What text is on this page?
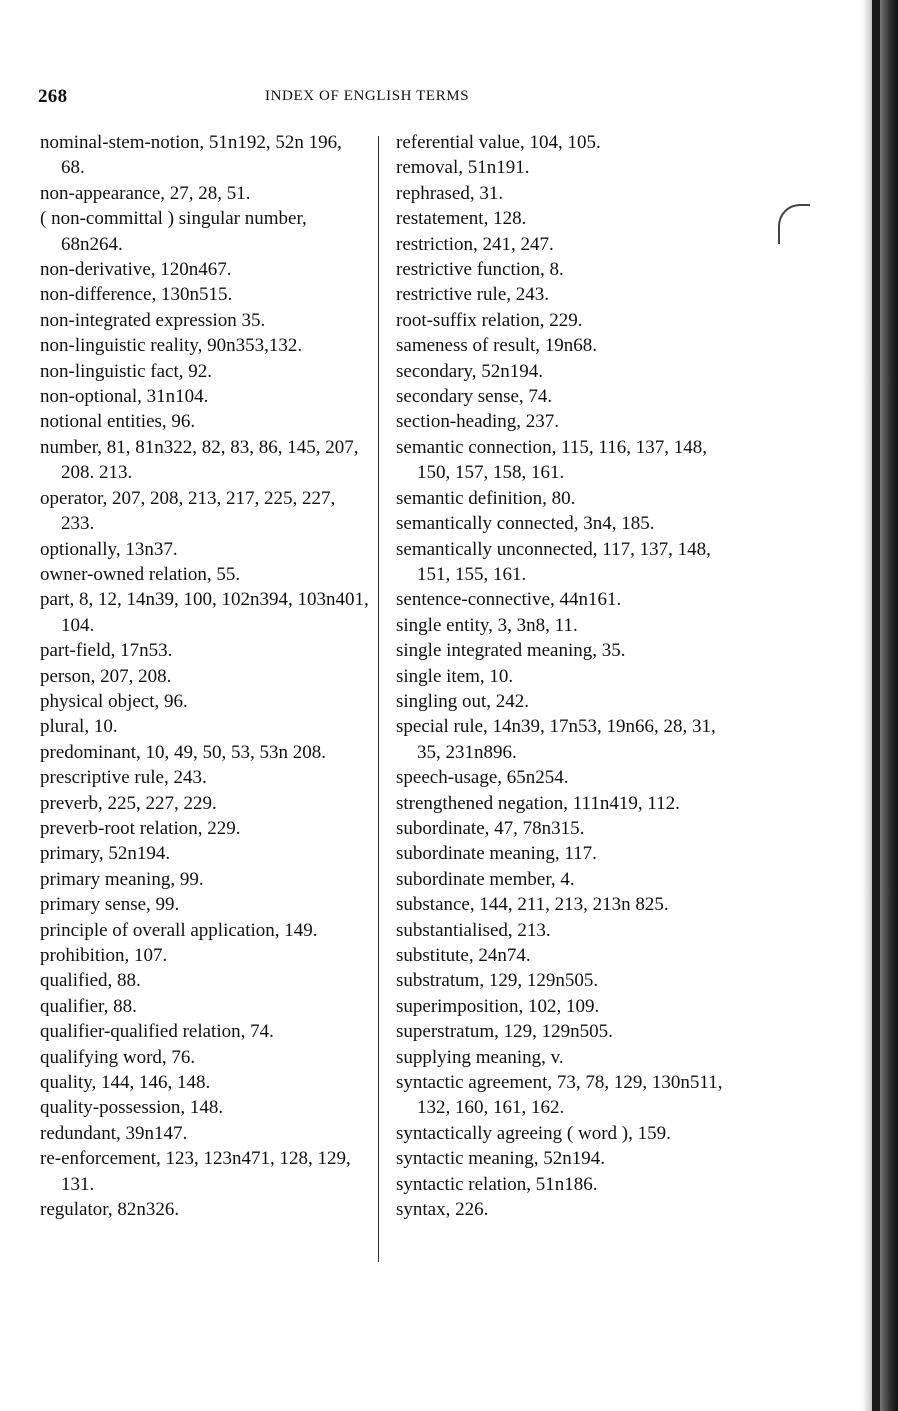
268	INDEX OF ENGLISH TERMS
nominal-stem-notion, 51n192, 52n 196, 68.
non-appearance, 27, 28, 51.
( non-committal ) singular number, 68n264.
non-derivative, 120n467.
non-difference, 130n515.
non-integrated expression 35.
non-linguistic reality, 90n353,132.
non-linguistic fact, 92.
non-optional, 31n104.
notional entities, 96.
number, 81, 81n322, 82, 83, 86, 145, 207, 208. 213.
operator, 207, 208, 213, 217, 225, 227, 233.
optionally, 13n37.
owner-owned relation, 55.
part, 8, 12, 14n39, 100, 102n394, 103n401, 104.
part-field, 17n53.
person, 207, 208.
physical object, 96.
plural, 10.
predominant, 10, 49, 50, 53, 53n 208.
prescriptive rule, 243.
preverb, 225, 227, 229.
preverb-root relation, 229.
primary, 52n194.
primary meaning, 99.
primary sense, 99.
principle of overall application, 149.
prohibition, 107.
qualified, 88.
qualifier, 88.
qualifier-qualified relation, 74.
qualifying word, 76.
quality, 144, 146, 148.
quality-possession, 148.
redundant, 39n147.
re-enforcement, 123, 123n471, 128, 129, 131.
regulator, 82n326.
referential value, 104, 105.
removal, 51n191.
rephrased, 31.
restatement, 128.
restriction, 241, 247.
restrictive function, 8.
restrictive rule, 243.
root-suffix relation, 229.
sameness of result, 19n68.
secondary, 52n194.
secondary sense, 74.
section-heading, 237.
semantic connection, 115, 116, 137, 148, 150, 157, 158, 161.
semantic definition, 80.
semantically connected, 3n4, 185.
semantically unconnected, 117, 137, 148, 151, 155, 161.
sentence-connective, 44n161.
single entity, 3, 3n8, 11.
single integrated meaning, 35.
single item, 10.
singling out, 242.
special rule, 14n39, 17n53, 19n66, 28, 31, 35, 231n896.
speech-usage, 65n254.
strengthened negation, 111n419, 112.
subordinate, 47, 78n315.
subordinate meaning, 117.
subordinate member, 4.
substance, 144, 211, 213, 213n 825.
substantialised, 213.
substitute, 24n74.
substratum, 129, 129n505.
superimposition, 102, 109.
superstratum, 129, 129n505.
supplying meaning, v.
syntactic agreement, 73, 78, 129, 130n511, 132, 160, 161, 162.
syntactically agreeing ( word ), 159.
syntactic meaning, 52n194.
syntactic relation, 51n186.
syntax, 226.
